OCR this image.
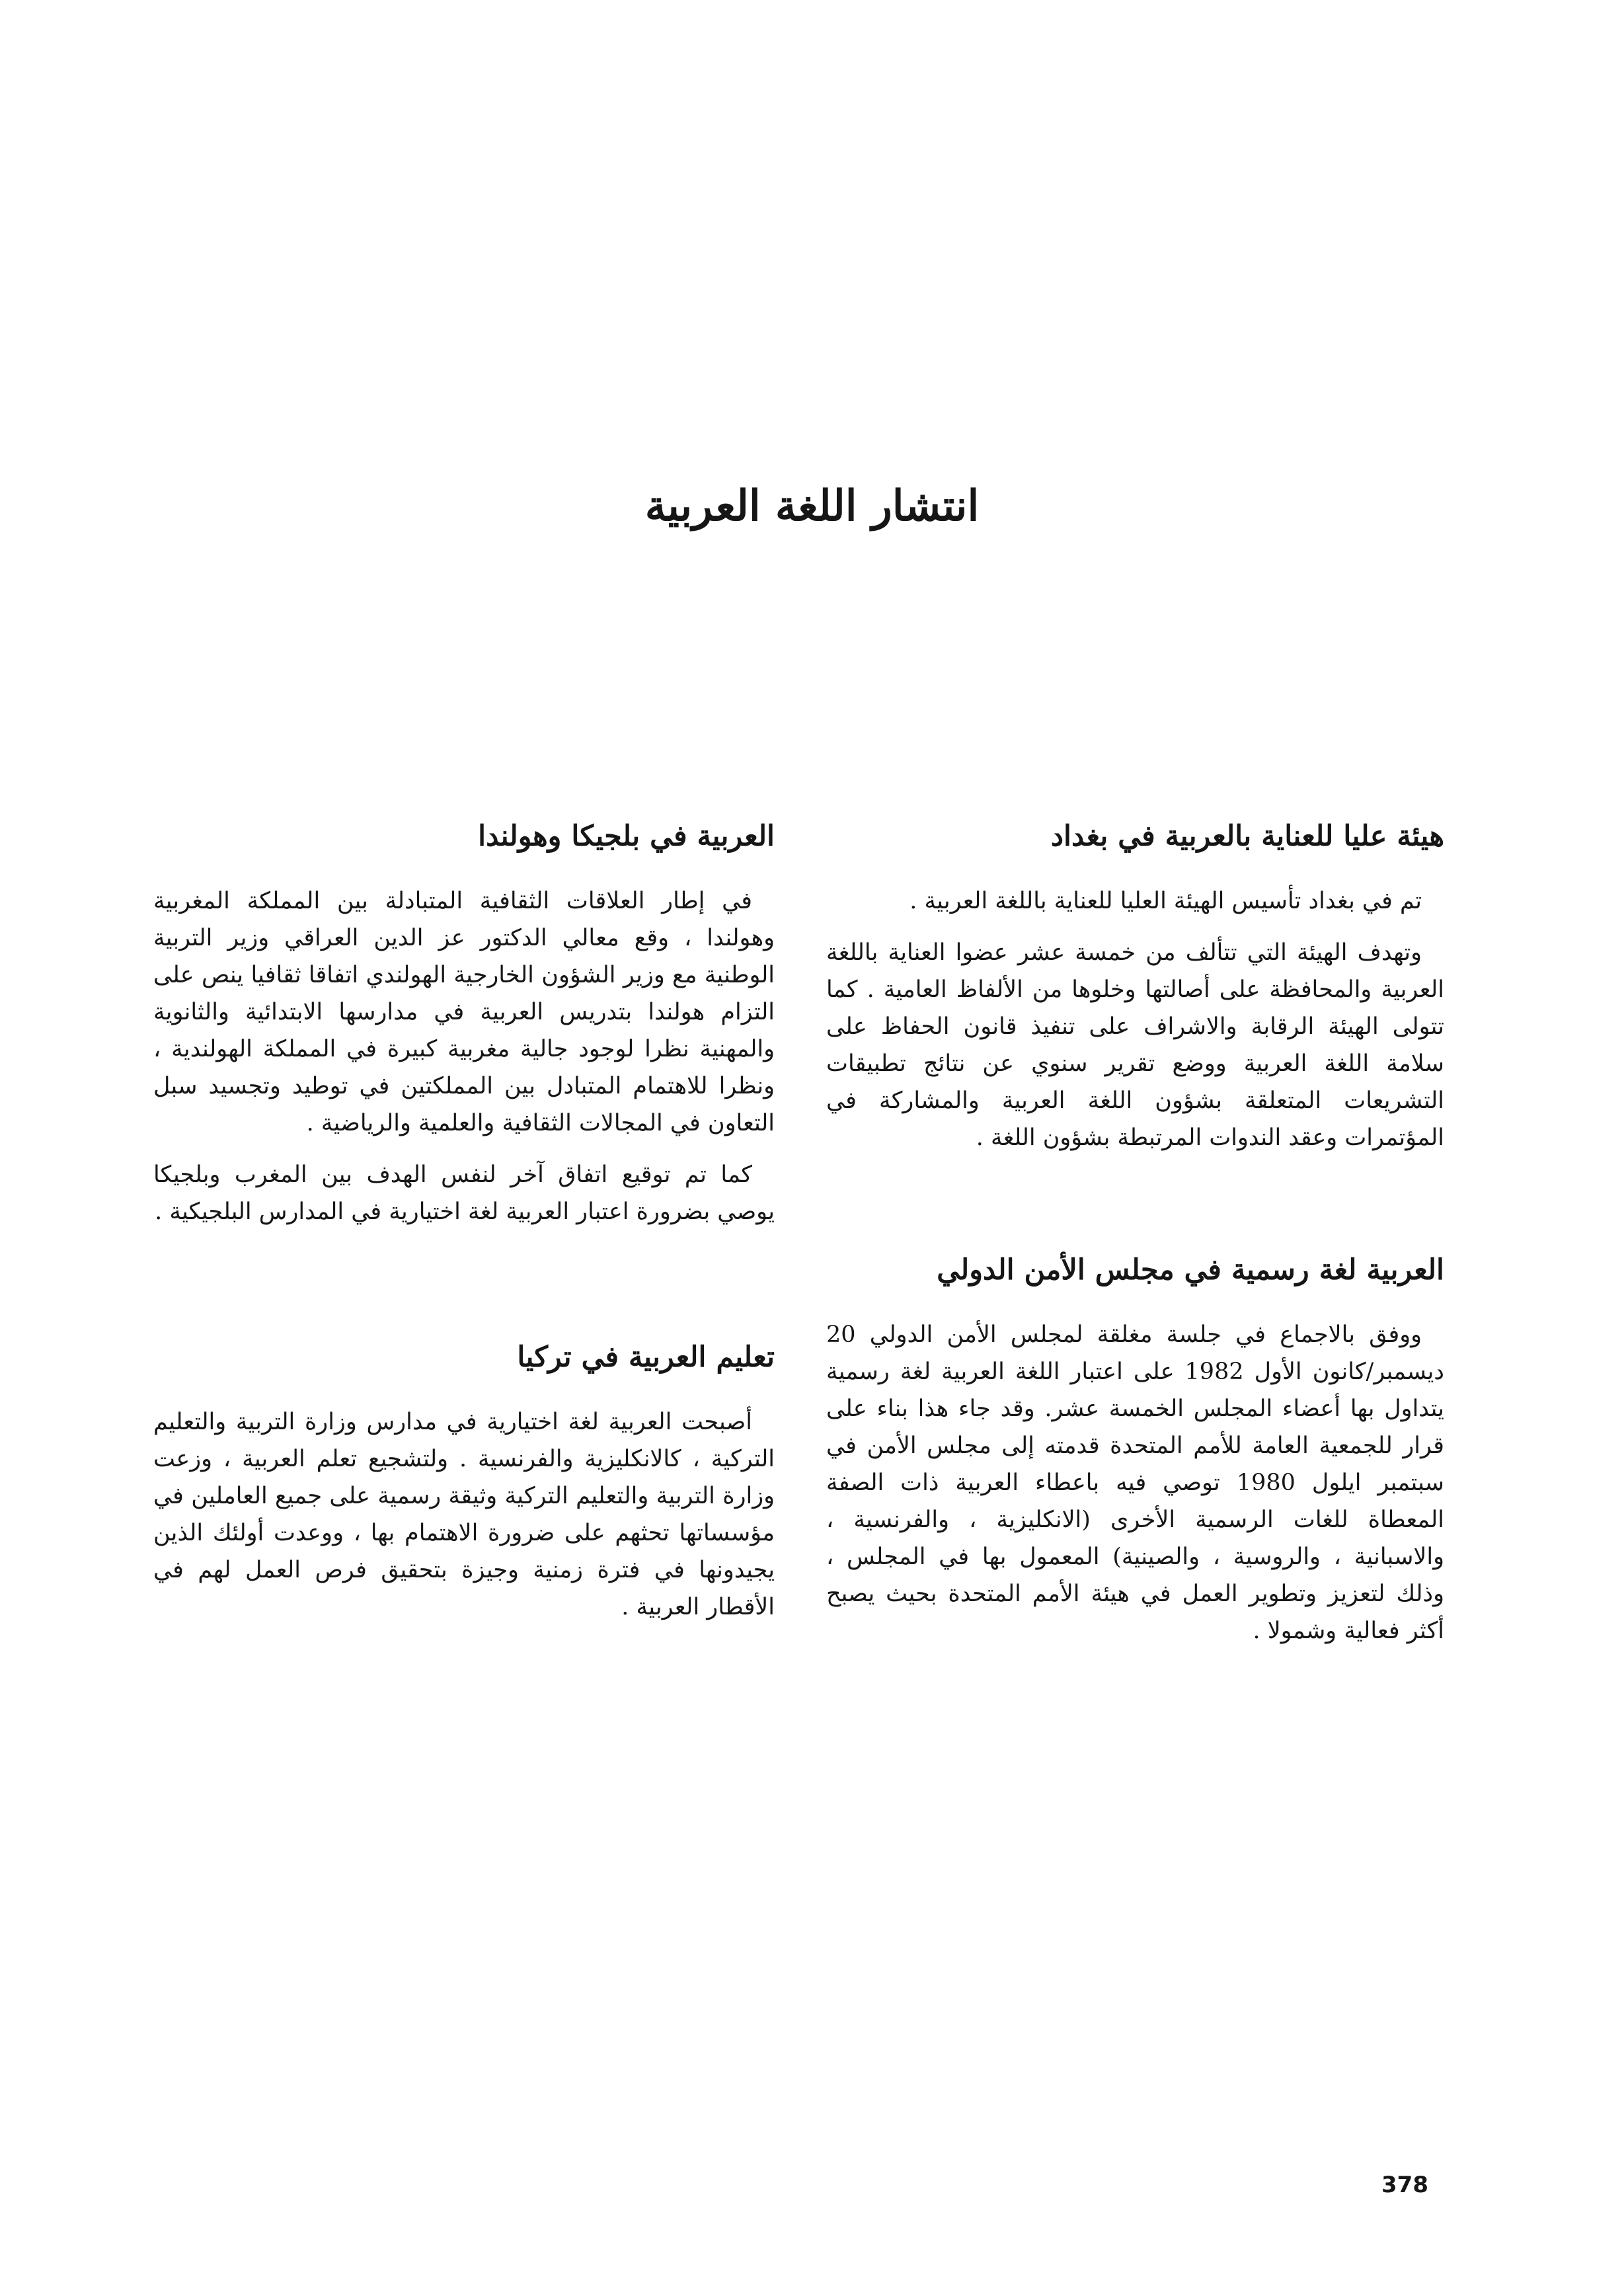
انتشار اللغة العربية
هيئة عليا للعناية بالعربية في بغداد

تم في بغداد تأسيس الهيئة العليا للعناية باللغة العربية .

وتهدف الهيئة التي تتألف من خمسة عشر عضوا العناية باللغة العربية والمحافظة على أصالتها وخلوها من الألفاظ العامية . كما تتولى الهيئة الرقابة والاشراف على تنفيذ قانون الحفاظ على سلامة اللغة العربية ووضع تقرير سنوي عن نتائج تطبيقات التشريعات المتعلقة بشؤون اللغة العربية والمشاركة في المؤتمرات وعقد الندوات المرتبطة بشؤون اللغة .

العربية لغة رسمية في مجلس الأمن الدولي

ووفق بالاجماع في جلسة مغلقة لمجلس الأمن الدولي 20 ديسمبر/كانون الأول 1982 على اعتبار اللغة العربية لغة رسمية يتداول بها أعضاء المجلس الخمسة عشر. وقد جاء هذا بناء على قرار للجمعية العامة للأمم المتحدة قدمته إلى مجلس الأمن في سبتمبر ايلول 1980 توصي فيه باعطاء العربية ذات الصفة المعطاة للغات الرسمية الأخرى (الانكليزية ، والفرنسية ، والاسبانية ، والروسية ، والصينية) المعمول بها في المجلس ، وذلك لتعزيز وتطوير العمل في هيئة الأمم المتحدة بحيث يصبح أكثر فعالية وشمولا .

العربية في بلجيكا وهولندا

في إطار العلاقات الثقافية المتبادلة بين المملكة المغربية وهولندا ، وقع معالي الدكتور عز الدين العراقي وزير التربية الوطنية مع وزير الشؤون الخارجية الهولندي اتفاقا ثقافيا ينص على التزام هولندا بتدريس العربية في مدارسها الابتدائية والثانوية والمهنية نظرا لوجود جالية مغربية كبيرة في المملكة الهولندية ، ونظرا للاهتمام المتبادل بين المملكتين في توطيد وتجسيد سبل التعاون في المجالات الثقافية والعلمية والرياضية .

كما تم توقيع اتفاق آخر لنفس الهدف بين المغرب وبلجيكا يوصي بضرورة اعتبار العربية لغة اختيارية في المدارس البلجيكية .

تعليم العربية في تركيا

أصبحت العربية لغة اختيارية في مدارس وزارة التربية والتعليم التركية ، كالانكليزية والفرنسية . ولتشجيع تعلم العربية ، وزعت وزارة التربية والتعليم التركية وثيقة رسمية على جميع العاملين في مؤسساتها تحثهم على ضرورة الاهتمام بها ، ووعدت أولئك الذين يجيدونها في فترة زمنية وجيزة بتحقيق فرص العمل لهم في الأقطار العربية .

378
